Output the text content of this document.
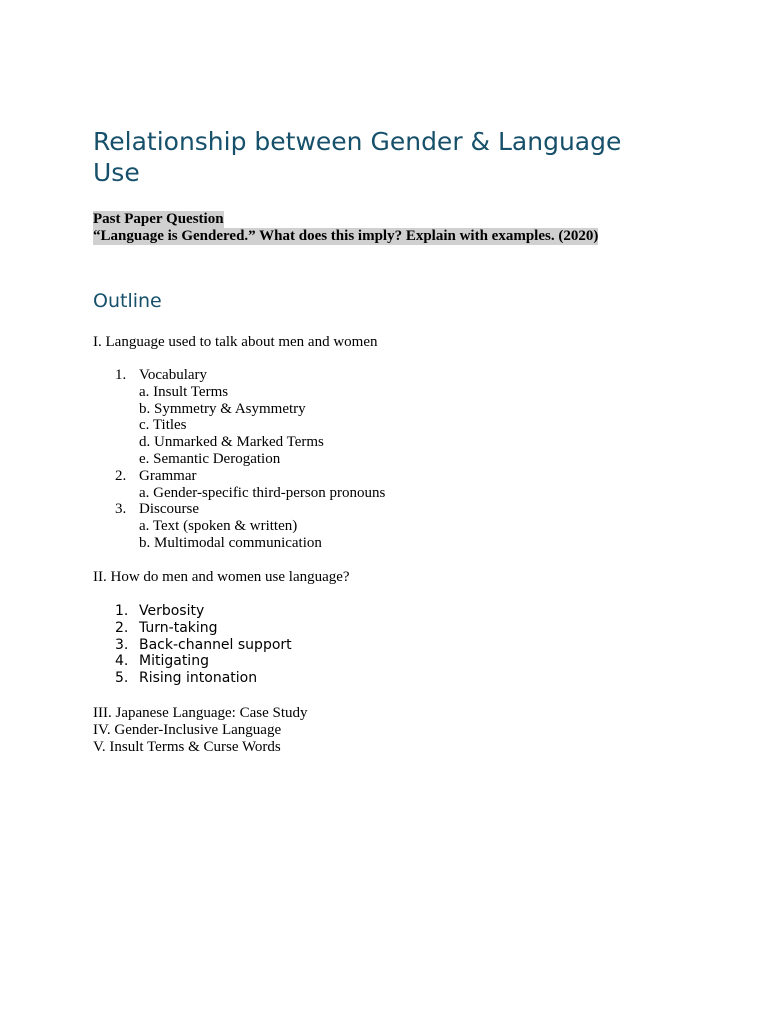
Relationship between Gender & Language Use
Past Paper Question
“Language is Gendered.” What does this imply? Explain with examples. (2020)
Outline
I. Language used to talk about men and women
1. Vocabulary
a. Insult Terms
b. Symmetry & Asymmetry
c. Titles
d. Unmarked & Marked Terms
e. Semantic Derogation
2. Grammar
a. Gender-specific third-person pronouns
3. Discourse
a. Text (spoken & written)
b. Multimodal communication
II. How do men and women use language?
1. Verbosity
2. Turn-taking
3. Back-channel support
4. Mitigating
5. Rising intonation
III. Japanese Language: Case Study
IV. Gender-Inclusive Language
V. Insult Terms & Curse Words
